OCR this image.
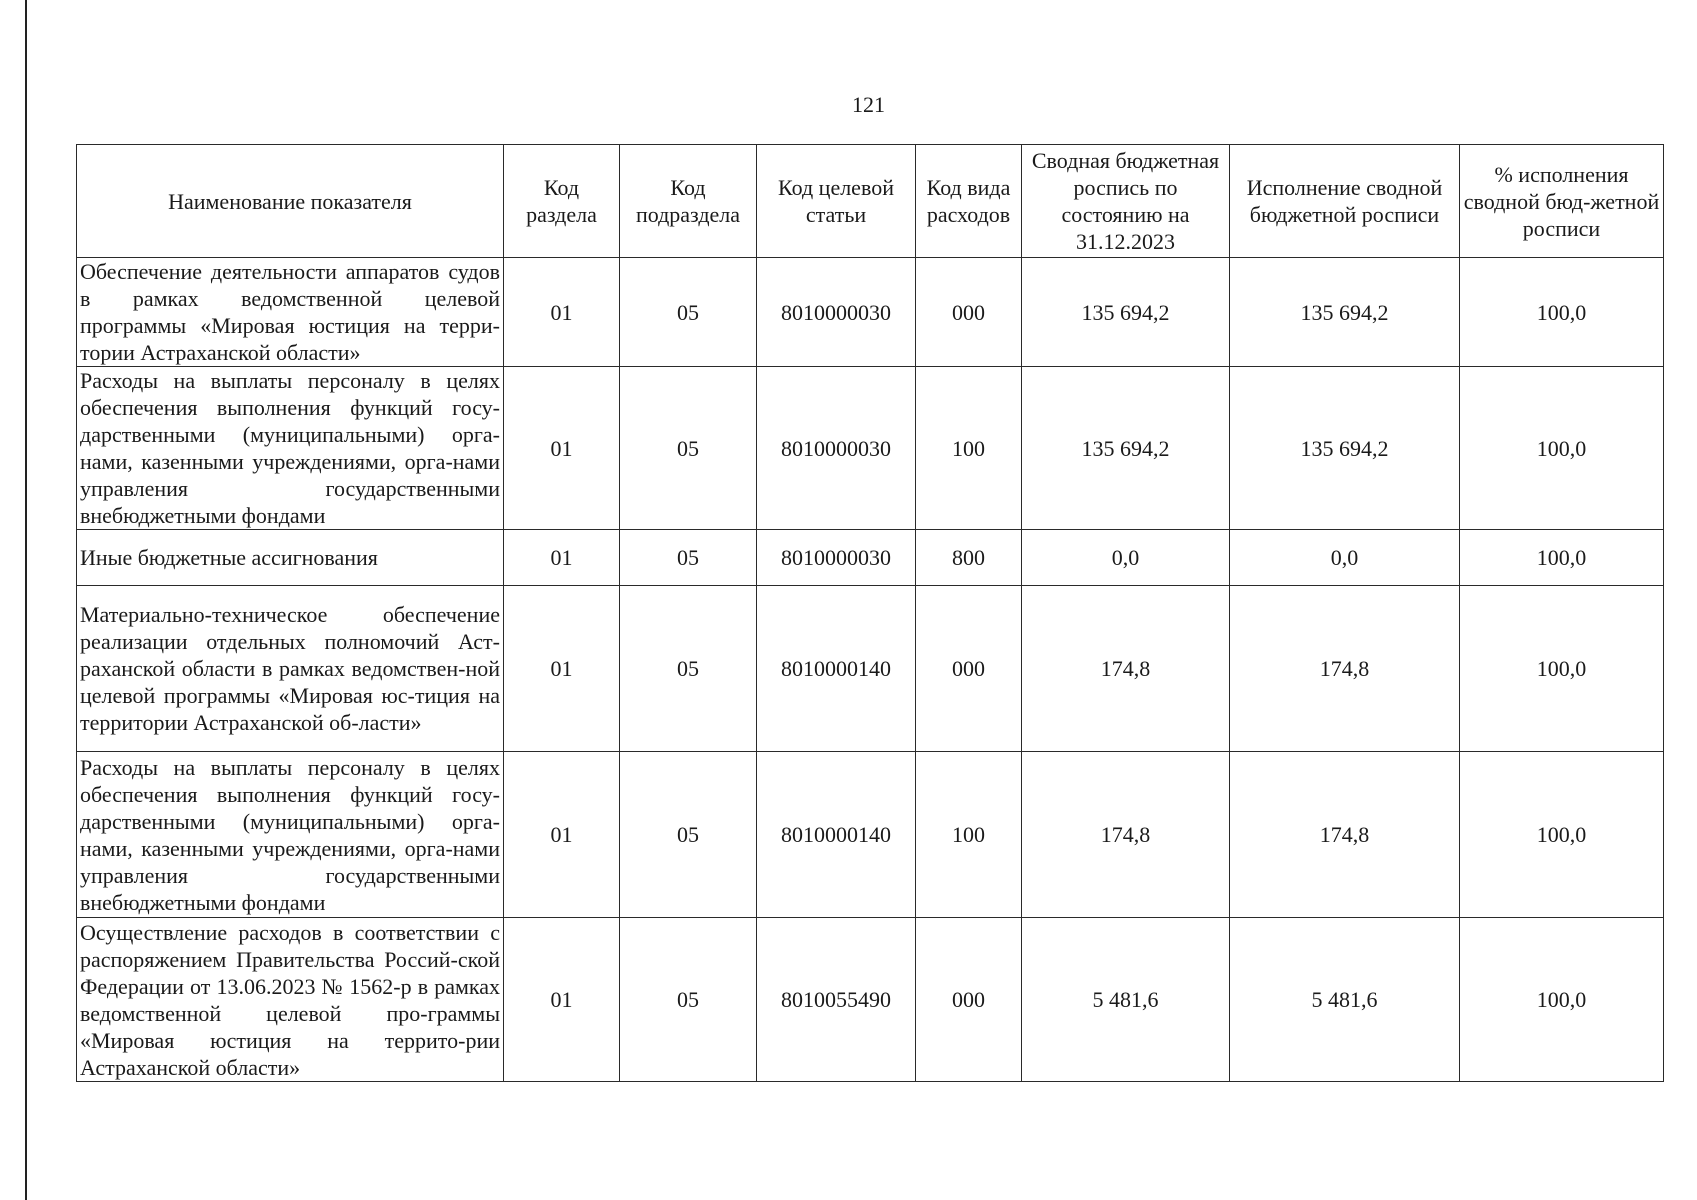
121
Наименование показателя	Код раздела	Код подраздела	Код целевой статьи	Код вида расходов	Сводная бюджетная роспись по состоянию на 31.12.2023	Исполнение сводной бюджетной росписи	% исполнения сводной бюд-жетной росписи
Обеспечение деятельности аппаратов судов в рамках ведомственной целевой программы «Мировая юстиция на терри-тории Астраханской области»	01	05	8010000030	000	135 694,2	135 694,2	100,0
Расходы на выплаты персоналу в целях обеспечения выполнения функций госу-дарственными (муниципальными) орга-нами, казенными учреждениями, орга-нами управления государственными внебюджетными фондами	01	05	8010000030	100	135 694,2	135 694,2	100,0
Иные бюджетные ассигнования	01	05	8010000030	800	0,0	0,0	100,0
Материально-техническое обеспечение реализации отдельных полномочий Аст-раханской области в рамках ведомствен-ной целевой программы «Мировая юс-тиция на территории Астраханской об-ласти»	01	05	8010000140	000	174,8	174,8	100,0
Расходы на выплаты персоналу в целях обеспечения выполнения функций госу-дарственными (муниципальными) орга-нами, казенными учреждениями, орга-нами управления государственными внебюджетными фондами	01	05	8010000140	100	174,8	174,8	100,0
Осуществление расходов в соответствии с распоряжением Правительства Россий-ской Федерации от 13.06.2023 № 1562-р в рамках ведомственной целевой про-граммы «Мировая юстиция на террито-рии Астраханской области»	01	05	8010055490	000	5 481,6	5 481,6	100,0
